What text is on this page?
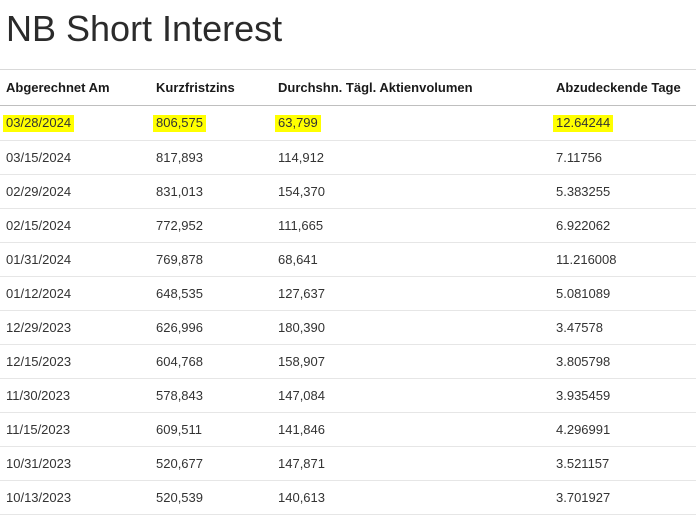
NB Short Interest
Abgerechnet Am	Kurzfristzins	Durchshn. Tägl. Aktienvolumen	Abzudeckende Tage
03/28/2024	806,575	63,799	12.64244
03/15/2024	817,893	114,912	7.11756
02/29/2024	831,013	154,370	5.383255
02/15/2024	772,952	111,665	6.922062
01/31/2024	769,878	68,641	11.216008
01/12/2024	648,535	127,637	5.081089
12/29/2023	626,996	180,390	3.47578
12/15/2023	604,768	158,907	3.805798
11/30/2023	578,843	147,084	3.935459
11/15/2023	609,511	141,846	4.296991
10/31/2023	520,677	147,871	3.521157
10/13/2023	520,539	140,613	3.701927
